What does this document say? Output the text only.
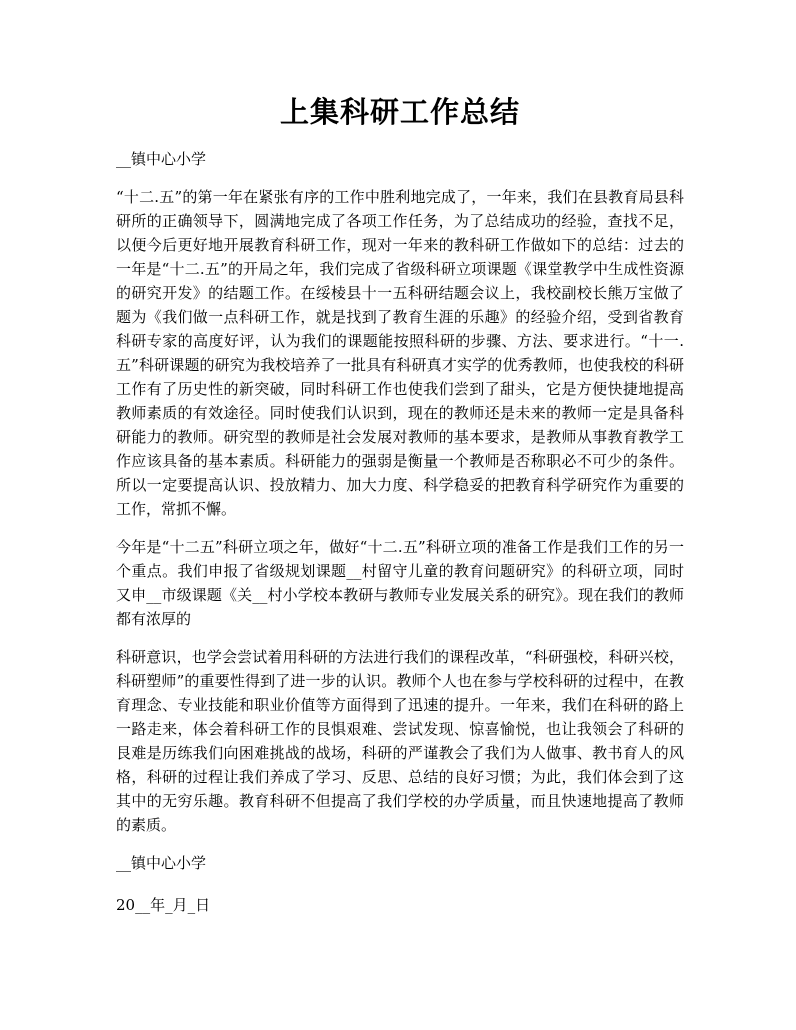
上集科研工作总结

__镇中心小学

“十二.五”的第一年在紧张有序的工作中胜利地完成了，一年来，我们在县教育局县科研所的正确领导下，圆满地完成了各项工作任务，为了总结成功的经验，查找不足，以便今后更好地开展教育科研工作，现对一年来的教科研工作做如下的总结：过去的一年是“十二.五”的开局之年，我们完成了省级科研立项课题《课堂教学中生成性资源的研究开发》的结题工作。在绥棱县十一五科研结题会议上，我校副校长熊万宝做了题为《我们做一点科研工作，就是找到了教育生涯的乐趣》的经验介绍，受到省教育科研专家的高度好评，认为我们的课题能按照科研的步骤、方法、要求进行。“十一.五”科研课题的研究为我校培养了一批具有科研真才实学的优秀教师，也使我校的科研工作有了历史性的新突破，同时科研工作也使我们尝到了甜头，它是方便快捷地提高教师素质的有效途径。同时使我们认识到，现在的教师还是未来的教师一定是具备科研能力的教师。研究型的教师是社会发展对教师的基本要求，是教师从事教育教学工作应该具备的基本素质。科研能力的强弱是衡量一个教师是否称职必不可少的条件。所以一定要提高认识、投放精力、加大力度、科学稳妥的把教育科学研究作为重要的工作，常抓不懈。

今年是“十二五”科研立项之年，做好“十二.五”科研立项的准备工作是我们工作的另一个重点。我们申报了省级规划课题__村留守儿童的教育问题研究》的科研立项，同时又申__市级课题《关__村小学校本教研与教师专业发展关系的研究》。现在我们的教师都有浓厚的

科研意识，也学会尝试着用科研的方法进行我们的课程改革，“科研强校，科研兴校，科研塑师”的重要性得到了进一步的认识。教师个人也在参与学校科研的过程中，在教育理念、专业技能和职业价值等方面得到了迅速的提升。一年来，我们在科研的路上一路走来，体会着科研工作的艮惧艰难、尝试发现、惊喜愉悦，也让我领会了科研的艮难是历练我们向困难挑战的战场，科研的严谨教会了我们为人做事、教书育人的风格，科研的过程让我们养成了学习、反思、总结的良好习惯；为此，我们体会到了这其中的无穷乐趣。教育科研不但提高了我们学校的办学质量，而且快速地提高了教师的素质。

__镇中心小学

20__年_月_日
